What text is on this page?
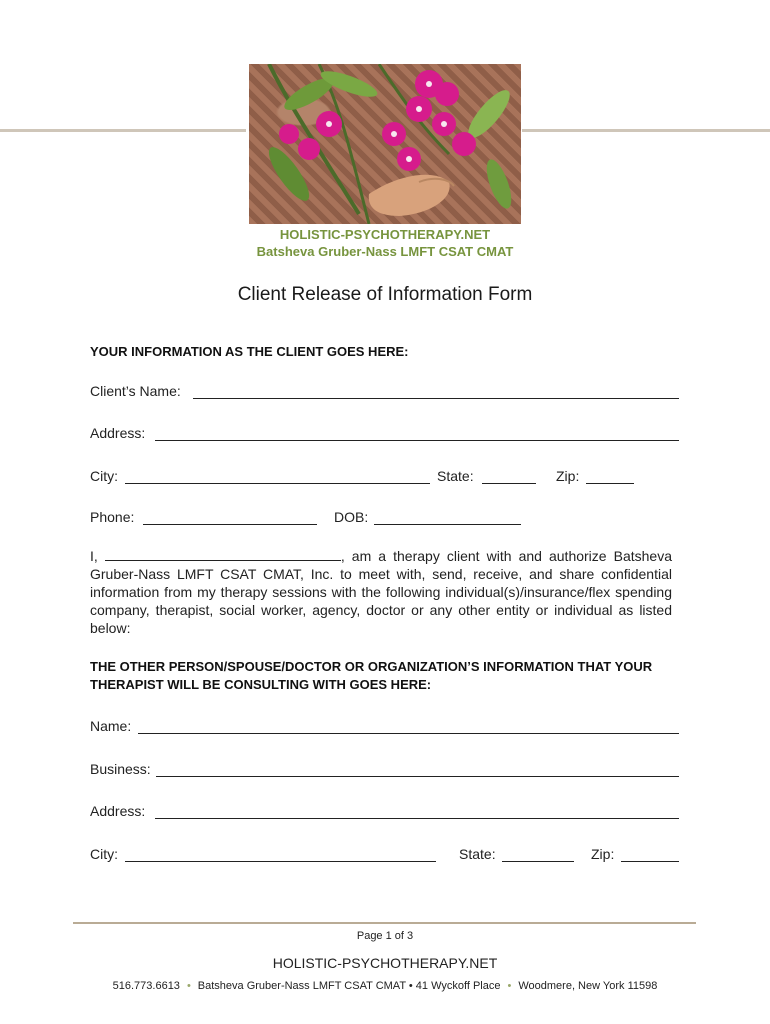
HOLISTIC-PSYCHOTHERAPY.NET
Batsheva Gruber-Nass LMFT CSAT CMAT
Client Release of Information Form
YOUR INFORMATION AS THE CLIENT GOES HERE:
Client’s Name:
Address:
City:	State:	Zip:
Phone:	DOB:
I,	, am a therapy client with and authorize Batsheva Gruber-Nass LMFT CSAT CMAT, Inc. to meet with, send, receive, and share confidential information from my therapy sessions with the following individual(s)/insurance/flex spending company, therapist, social worker, agency, doctor or any other entity or individual as listed below:
THE OTHER PERSON/SPOUSE/DOCTOR OR ORGANIZATION’S INFORMATION THAT YOUR THERAPIST WILL BE CONSULTING WITH GOES HERE:
Name:
Business:
Address:
City:	State:	Zip:
Page 1 of 3
HOLISTIC-PSYCHOTHERAPY.NET
516.773.6613 • Batsheva Gruber-Nass LMFT CSAT CMAT • 41 Wyckoff Place • Woodmere, New York 11598
